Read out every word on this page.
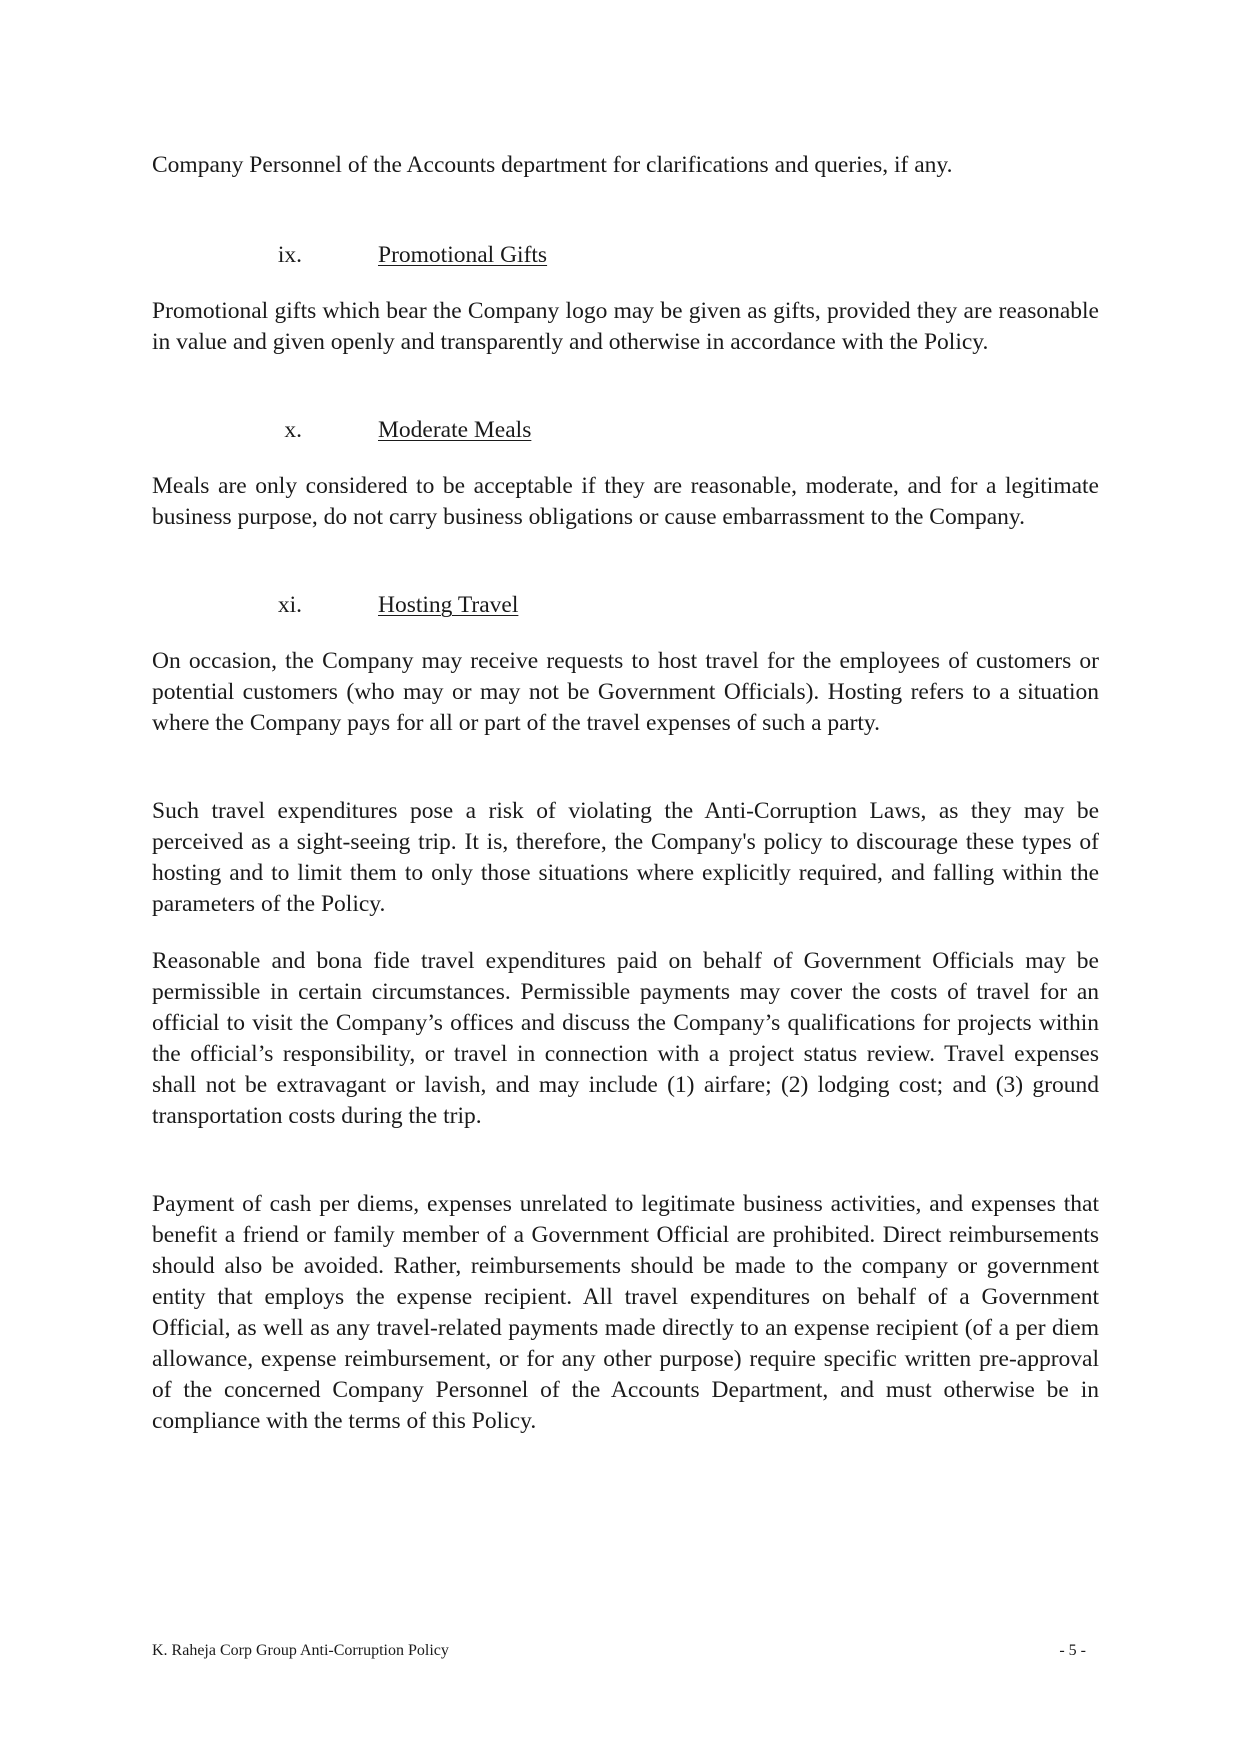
Company Personnel of the Accounts department for clarifications and queries, if any.

ix.	Promotional Gifts

Promotional gifts which bear the Company logo may be given as gifts, provided they are reasonable in value and given openly and transparently and otherwise in accordance with the Policy.

x.	Moderate Meals

Meals are only considered to be acceptable if they are reasonable, moderate, and for a legitimate business purpose, do not carry business obligations or cause embarrassment to the Company.

xi.	Hosting Travel

On occasion, the Company may receive requests to host travel for the employees of customers or potential customers (who may or may not be Government Officials). Hosting refers to a situation where the Company pays for all or part of the travel expenses of such a party.

Such travel expenditures pose a risk of violating the Anti-Corruption Laws, as they may be perceived as a sight-seeing trip. It is, therefore, the Company's policy to discourage these types of hosting and to limit them to only those situations where explicitly required, and falling within the parameters of the Policy.

Reasonable and bona fide travel expenditures paid on behalf of Government Officials may be permissible in certain circumstances. Permissible payments may cover the costs of travel for an official to visit the Company’s offices and discuss the Company’s qualifications for projects within the official’s responsibility, or travel in connection with a project status review. Travel expenses shall not be extravagant or lavish, and may include (1) airfare; (2) lodging cost; and (3) ground transportation costs during the trip.

Payment of cash per diems, expenses unrelated to legitimate business activities, and expenses that benefit a friend or family member of a Government Official are prohibited. Direct reimbursements should also be avoided. Rather, reimbursements should be made to the company or government entity that employs the expense recipient. All travel expenditures on behalf of a Government Official, as well as any travel-related payments made directly to an expense recipient (of a per diem allowance, expense reimbursement, or for any other purpose) require specific written pre-approval of the concerned Company Personnel of the Accounts Department, and must otherwise be in compliance with the terms of this Policy.

K. Raheja Corp Group Anti-Corruption Policy	- 5 -
